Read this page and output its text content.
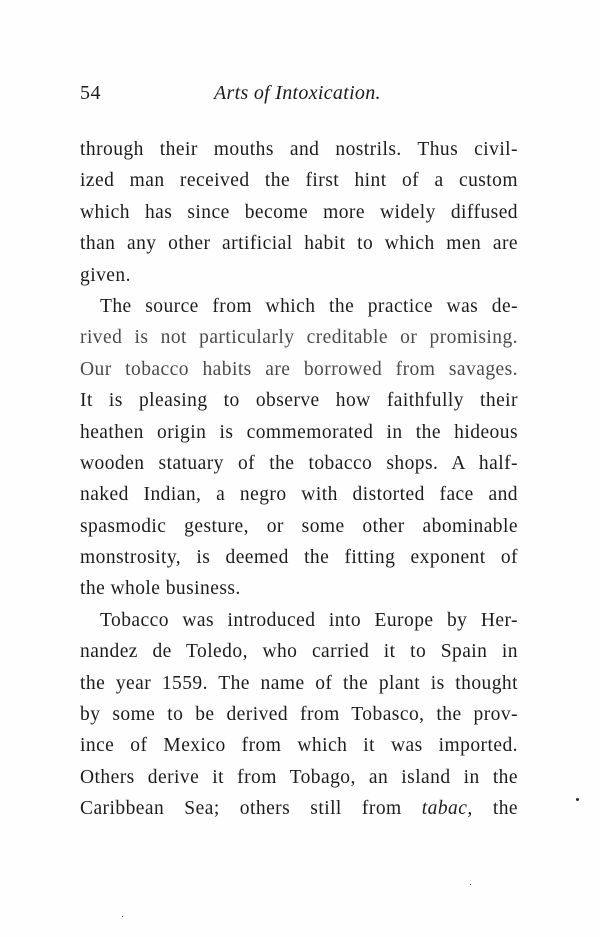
54	Arts of Intoxication.
through their mouths and nostrils. Thus civil-
ized man received the first hint of a custom
which has since become more widely diffused
than any other artificial habit to which men are
given.
The source from which the practice was de-
rived is not particularly creditable or promising.
Our tobacco habits are borrowed from savages.
It is pleasing to observe how faithfully their
heathen origin is commemorated in the hideous
wooden statuary of the tobacco shops. A half-
naked Indian, a negro with distorted face and
spasmodic gesture, or some other abominable
monstrosity, is deemed the fitting exponent of
the whole business.
Tobacco was introduced into Europe by Her-
nandez de Toledo, who carried it to Spain in
the year 1559. The name of the plant is thought
by some to be derived from Tobasco, the prov-
ince of Mexico from which it was imported.
Others derive it from Tobago, an island in the
Caribbean Sea; others still from tabac, the
